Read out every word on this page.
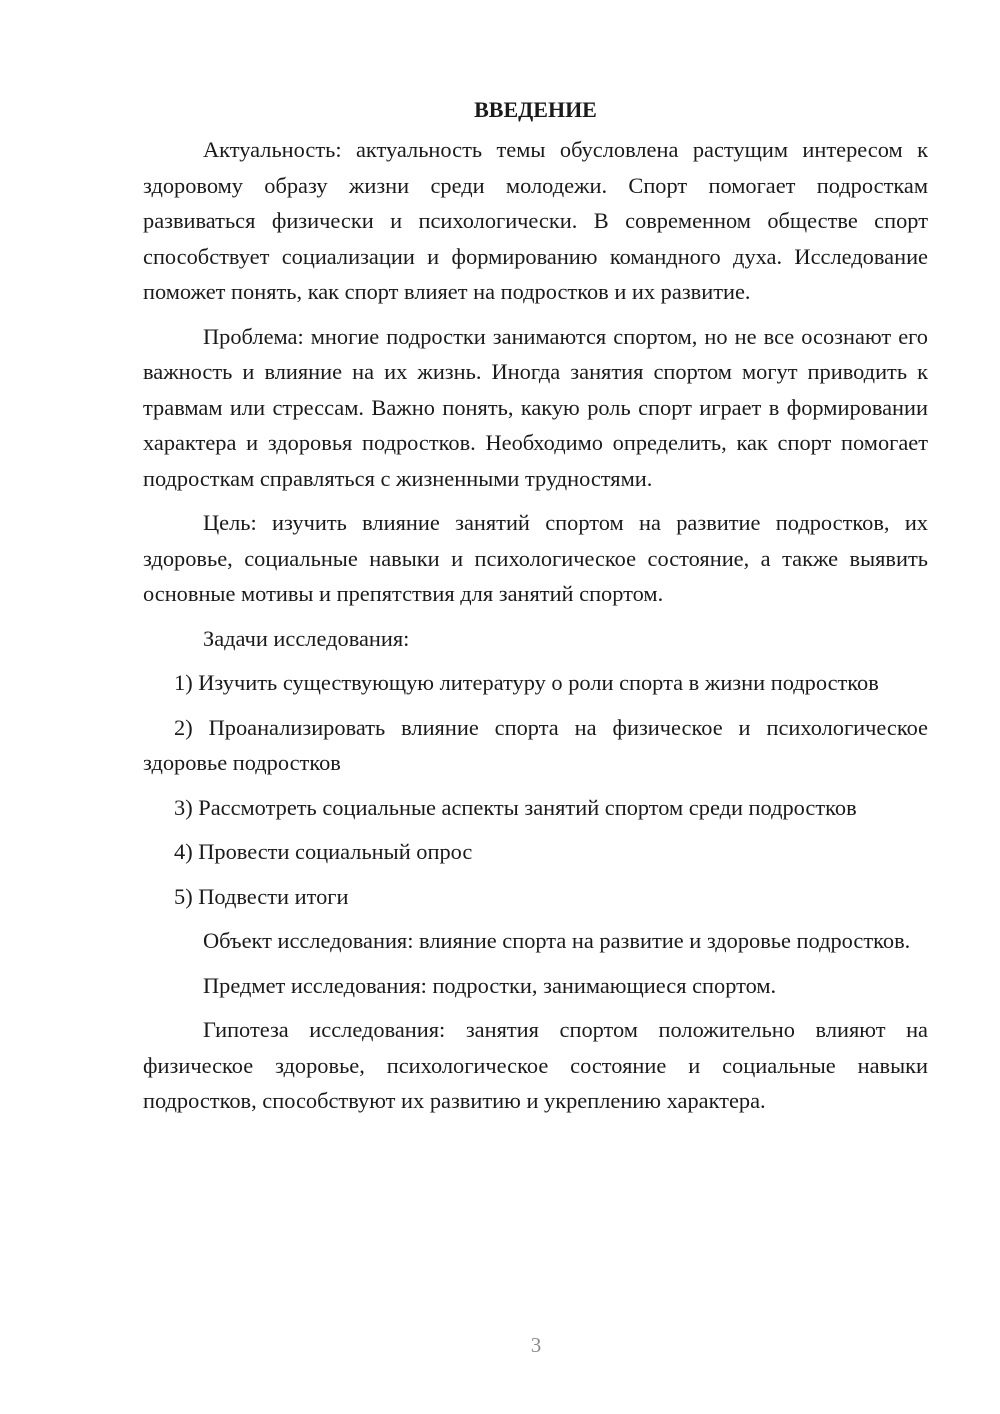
ВВЕДЕНИЕ

Актуальность: актуальность темы обусловлена растущим интересом к здоровому образу жизни среди молодежи. Спорт помогает подросткам развиваться физически и психологически. В современном обществе спорт способствует социализации и формированию командного духа. Исследование поможет понять, как спорт влияет на подростков и их развитие.

Проблема: многие подростки занимаются спортом, но не все осознают его важность и влияние на их жизнь. Иногда занятия спортом могут приводить к травмам или стрессам. Важно понять, какую роль спорт играет в формировании характера и здоровья подростков. Необходимо определить, как спорт помогает подросткам справляться с жизненными трудностями.

Цель: изучить влияние занятий спортом на развитие подростков, их здоровье, социальные навыки и психологическое состояние, а также выявить основные мотивы и препятствия для занятий спортом.

Задачи исследования:

1) Изучить существующую литературу о роли спорта в жизни подростков

2) Проанализировать влияние спорта на физическое и психологическое здоровье подростков

3) Рассмотреть социальные аспекты занятий спортом среди подростков

4) Провести социальный опрос

5) Подвести итоги

Объект исследования: влияние спорта на развитие и здоровье подростков.

Предмет исследования: подростки, занимающиеся спортом.

Гипотеза исследования: занятия спортом положительно влияют на физическое здоровье, психологическое состояние и социальные навыки подростков, способствуют их развитию и укреплению характера.

3
